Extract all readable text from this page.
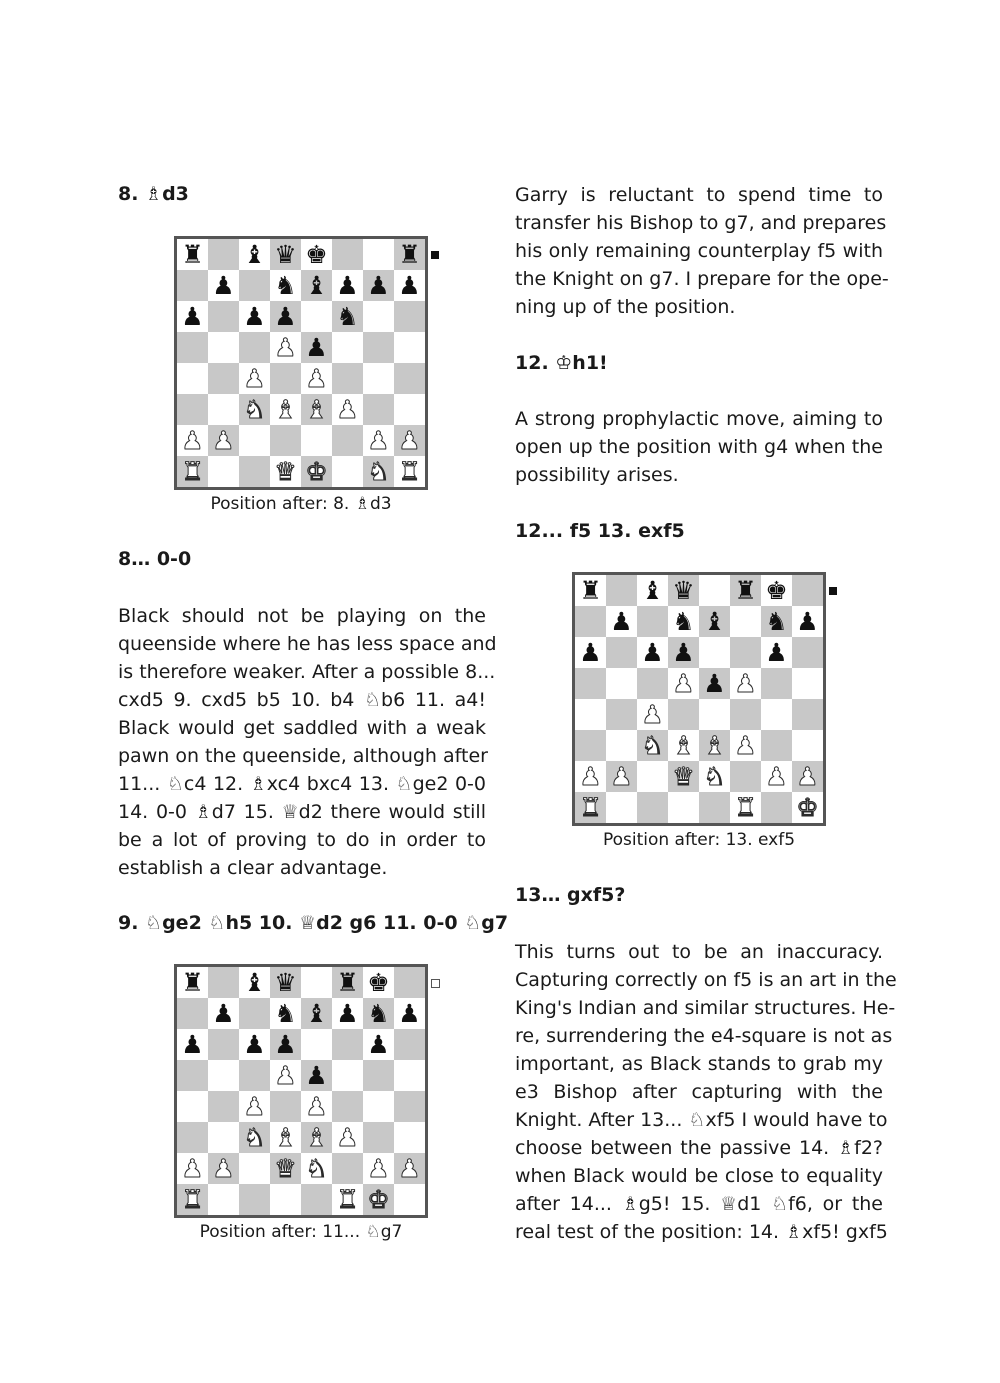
8. ♗d3
♜ ♝ ♛ ♚	♜
♟ ♞ ♝ ♟ ♟ ♟
♟ ♟ ♟ ♞
♟ ♟
♟ ♟
♞ ♝ ♝ ♟
♟ ♟	♟ ♟
♜	♛ ♚ ♞ ♜
Position after: 8. ♗d3
8… 0-0
Black should not be playing on the
queenside where he has less space and
is therefore weaker. After a possible 8...
cxd5 9. cxd5 b5 10. b4 ♘b6 11. a4!
Black would get saddled with a weak
pawn on the queenside, although after
11... ♘c4 12. ♗xc4 bxc4 13. ♘ge2 0-0
14. 0-0 ♗d7 15. ♕d2 there would still
be a lot of proving to do in order to
establish a clear advantage.
9. ♘ge2 ♘h5 10. ♕d2 g6 11. 0-0 ♘g7
♜ ♝ ♛ ♜ ♚
♟ ♞ ♝ ♟ ♞ ♟
♟ ♟ ♟	♟
♟ ♟
♟ ♟
♞ ♝ ♝ ♟
♟ ♟ ♛ ♞ ♟ ♟
♜	♜ ♚
Position after: 11... ♘g7
Garry is reluctant to spend time to
transfer his Bishop to g7, and prepares
his only remaining counterplay f5 with
the Knight on g7. I prepare for the ope-
ning up of the position.
12. ♔h1!
A strong prophylactic move, aiming to
open up the position with g4 when the
possibility arises.
12... f5 13. exf5
♜ ♝ ♛ ♜ ♚
♟ ♞ ♝ ♞ ♟
♟ ♟ ♟	♟
♟ ♟ ♟
♟
♞ ♝ ♝ ♟
♟ ♟ ♛ ♞ ♟ ♟
♜	♜ ♚
Position after: 13. exf5
13… gxf5?
This turns out to be an inaccuracy.
Capturing correctly on f5 is an art in the
King's Indian and similar structures. He-
re, surrendering the e4-square is not as
important, as Black stands to grab my
e3 Bishop after capturing with the
Knight. After 13... ♘xf5 I would have to
choose between the passive 14. ♗f2?
when Black would be close to equality
after 14... ♗g5! 15. ♕d1 ♘f6, or the
real test of the position: 14. ♗xf5! gxf5
